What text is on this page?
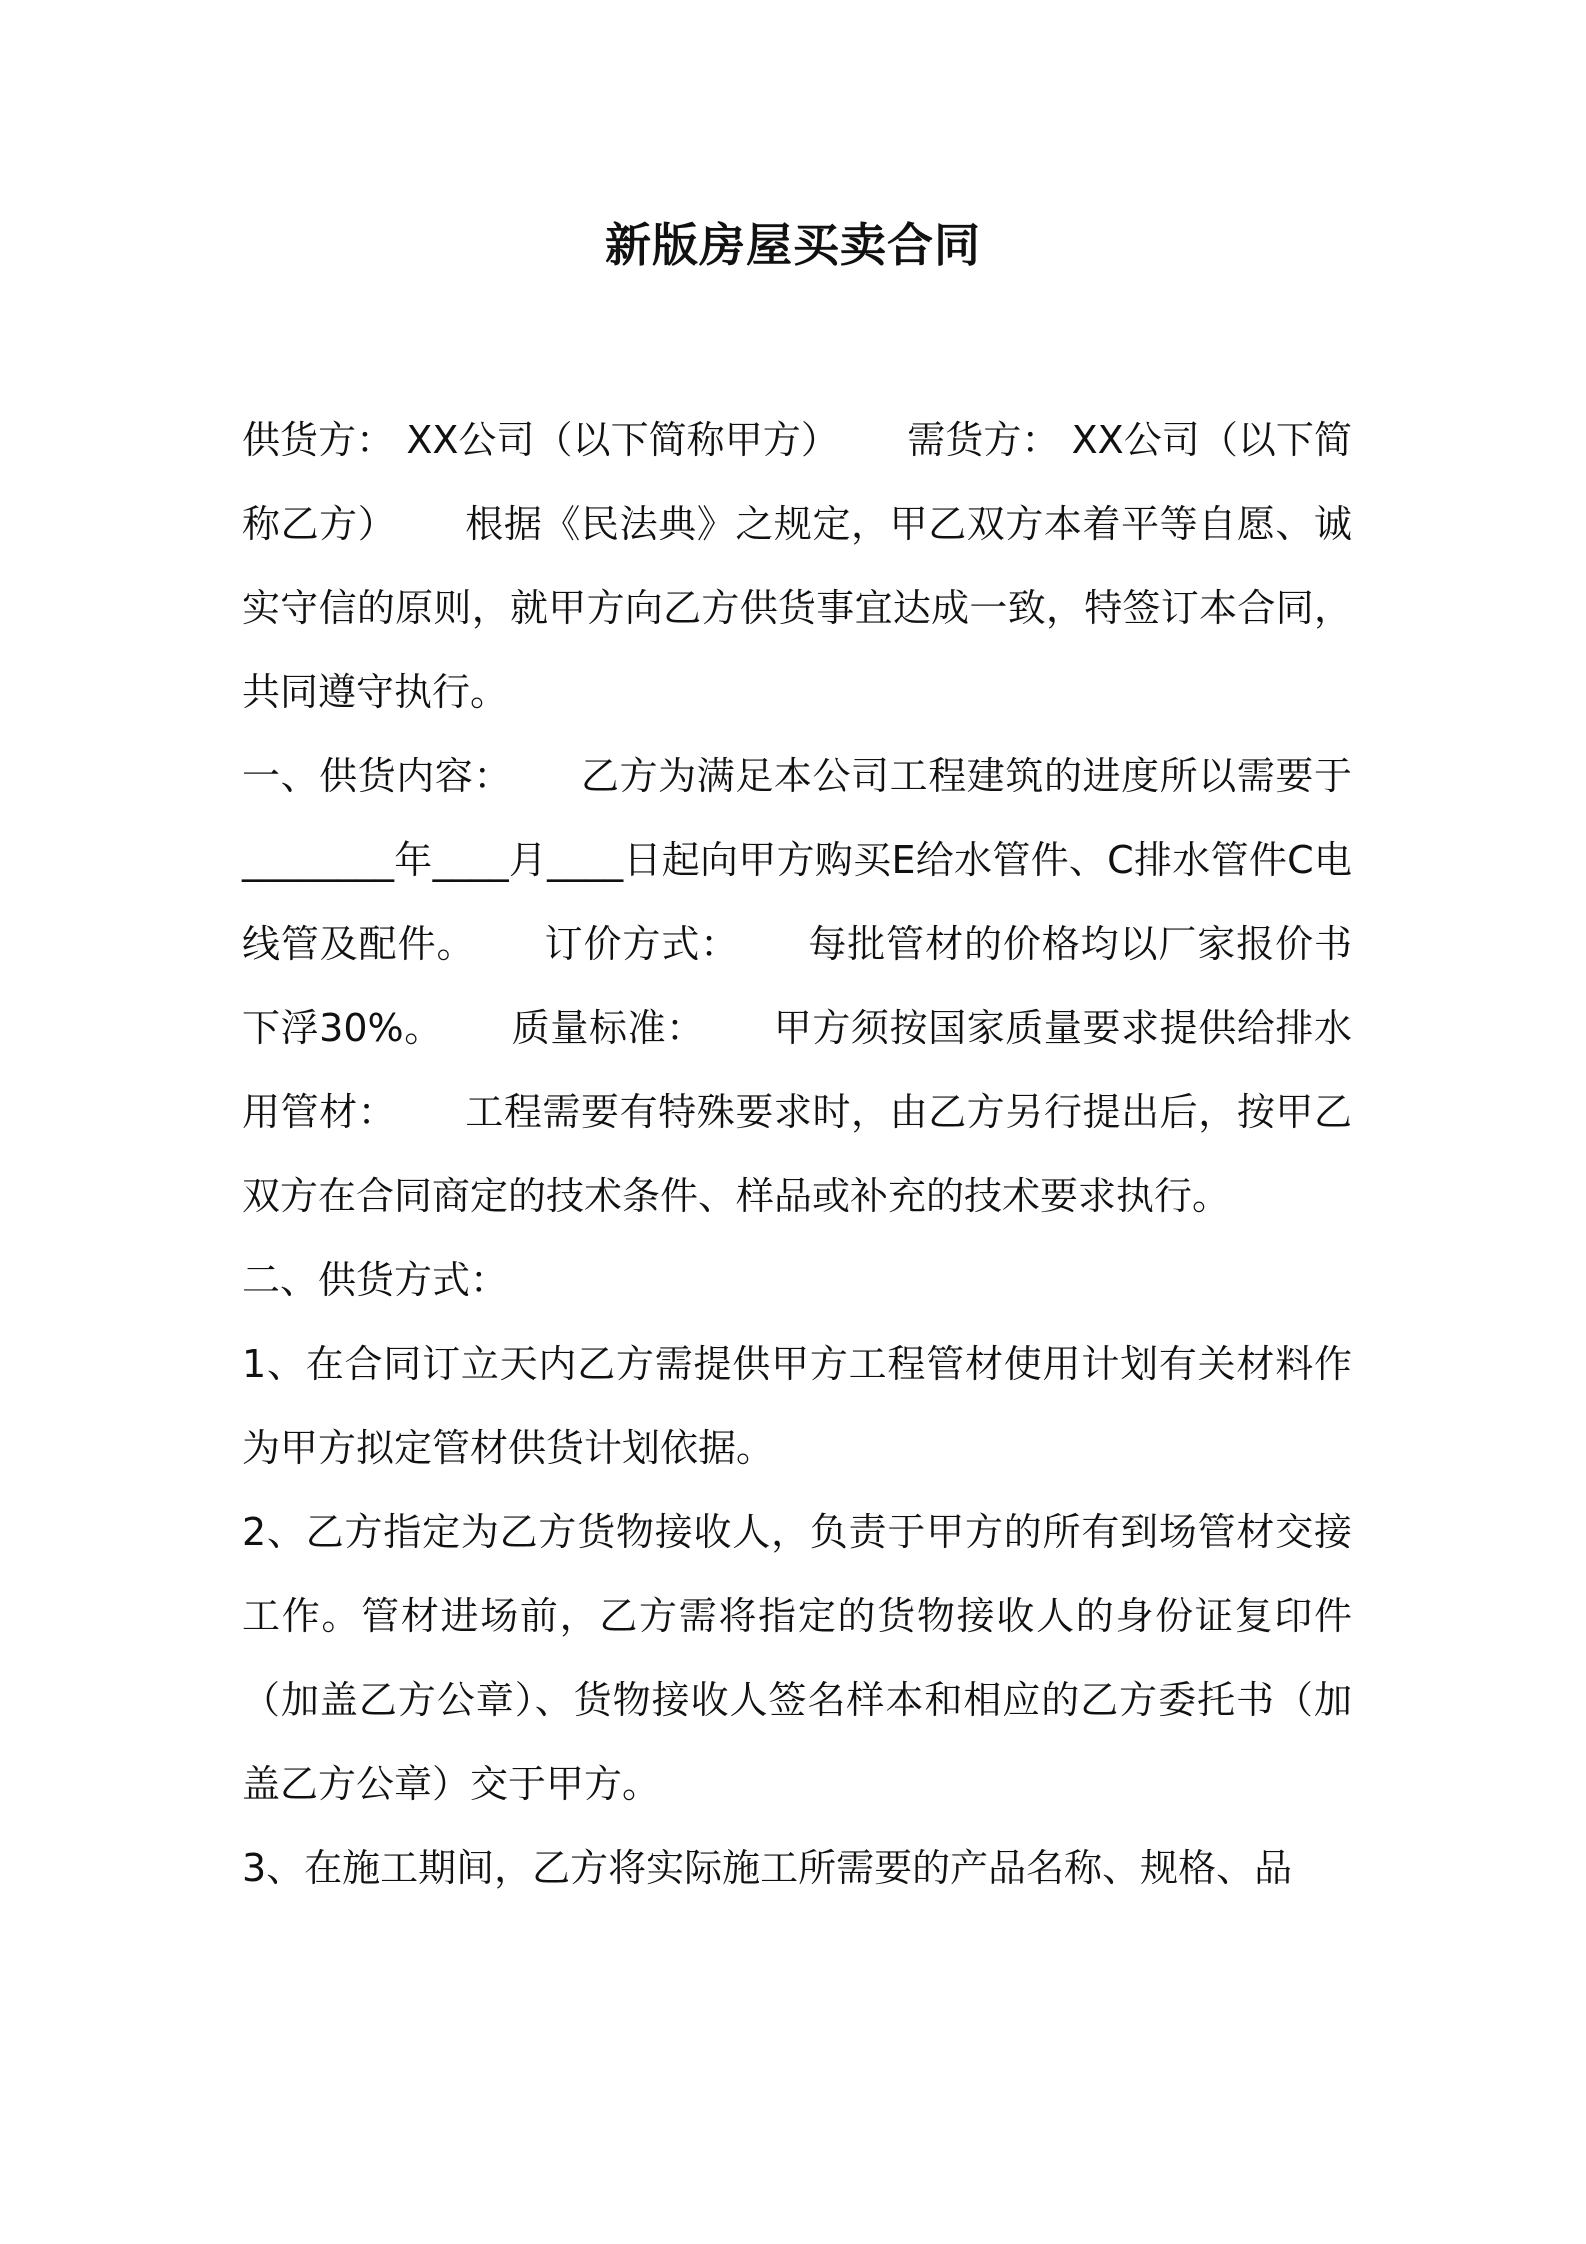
新版房屋买卖合同

供货方： XX公司（以下简称甲方） 需货方： XX公司（以下简称乙方） 根据《民法典》之规定，甲乙双方本着平等自愿、诚实守信的原则，就甲方向乙方供货事宜达成一致，特签订本合同，共同遵守执行。

一、供货内容： 乙方为满足本公司工程建筑的进度所以需要于________年____月____日起向甲方购买E给水管件、C排水管件C电线管及配件。 订价方式： 每批管材的价格均以厂家报价书下浮30%。 质量标准： 甲方须按国家质量要求提供给排水用管材： 工程需要有特殊要求时，由乙方另行提出后，按甲乙双方在合同商定的技术条件、样品或补充的技术要求执行。

二、供货方式：

1、在合同订立天内乙方需提供甲方工程管材使用计划有关材料作为甲方拟定管材供货计划依据。

2、乙方指定为乙方货物接收人，负责于甲方的所有到场管材交接工作。管材进场前，乙方需将指定的货物接收人的身份证复印件（加盖乙方公章）、货物接收人签名样本和相应的乙方委托书（加盖乙方公章）交于甲方。

3、在施工期间，乙方将实际施工所需要的产品名称、规格、品
